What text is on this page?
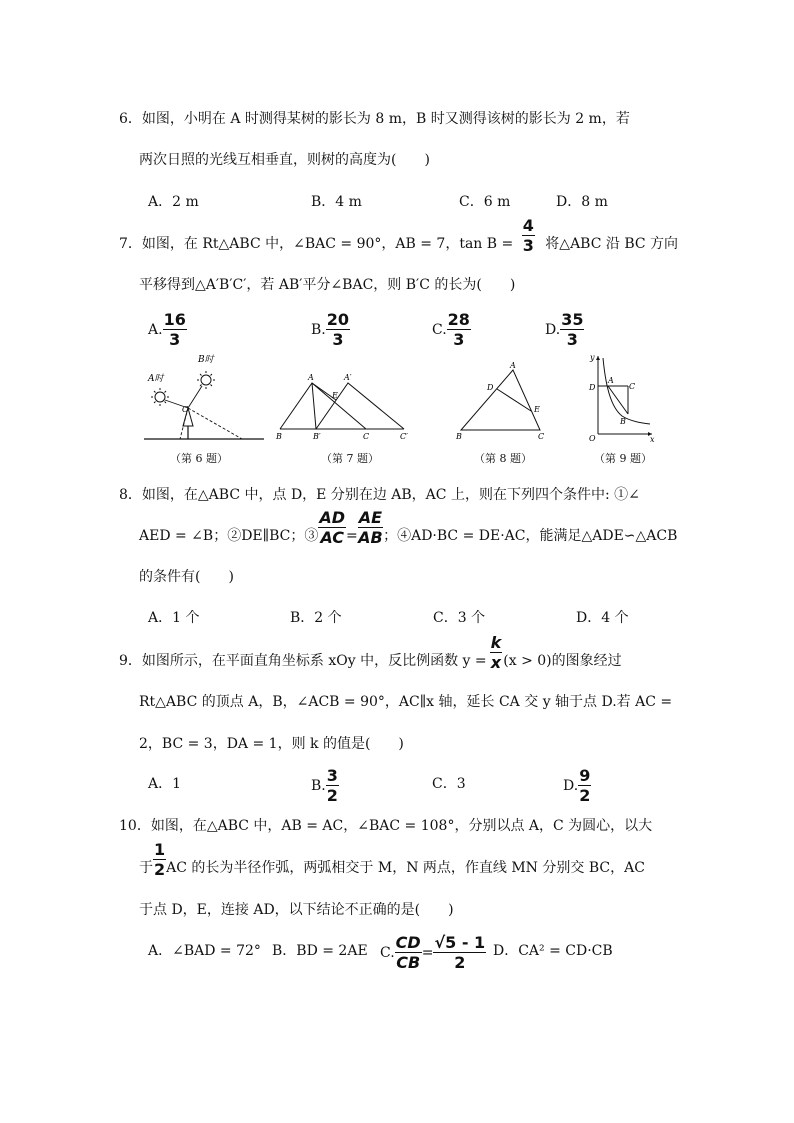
6．如图，小明在 A 时测得某树的影长为 8 m，B 时又测得该树的影长为 2 m，若
两次日照的光线互相垂直，则树的高度为(　　)
A．2 m	B．4 m	C．6 m	D．8 m
7．如图，在 Rt△ABC 中，∠BAC = 90°，AB = 7，$\tan B = \frac{4}{3}$ 将△ABC 沿 BC 方向
平移得到△A′B′C′，若 AB′平分∠BAC，则 B′C 的长为(　　)
A. $\frac{16}{3}$	B. $\frac{20}{3}$	C. $\frac{28}{3}$	D. $\frac{35}{3}$
A时
B时
C
（第 6 题）
A	A′
E
B	B′	C	C′
（第 7 题）
A
D
E
B	C
（第 8 题）
y
D
A
C
B
O	x
（第 9 题）
8．如图，在△ABC 中，点 D，E 分别在边 AB，AC 上，则在下列四个条件中: ①∠
AED = ∠B；②DE∥BC；③ $\frac{AD}{AC} = \frac{AE}{AB}$ ；④AD·BC = DE·AC，能满足△ADE∽△ACB
的条件有(　　)
A．1 个	B．2 个	C．3 个	D．4 个
9．如图所示，在平面直角坐标系 xOy 中，反比例函数 $y = \frac{k}{x} (x > 0)$的图象经过
Rt△ABC 的顶点 A，B，∠ACB = 90°，AC∥x 轴，延长 CA 交 y 轴于点 D.若 AC =
2，BC = 3，DA = 1，则 k 的值是(　　)
A．1	B. $\frac{3}{2}$	C．3	D. $\frac{9}{2}$
10．如图，在△ABC 中，AB = AC，∠BAC = 108°，分别以点 A，C 为圆心，以大
于 $\frac{1}{2}$ AC 的长为半径作弧，两弧相交于 M，N 两点，作直线 MN 分别交 BC，AC
于点 D，E，连接 AD，以下结论不正确的是(　　)
A．∠BAD = 72° B．BD = 2AE C. $\frac{CD}{CB} = \frac{√5 - 1}{2}$ D．CA² = CD·CB
